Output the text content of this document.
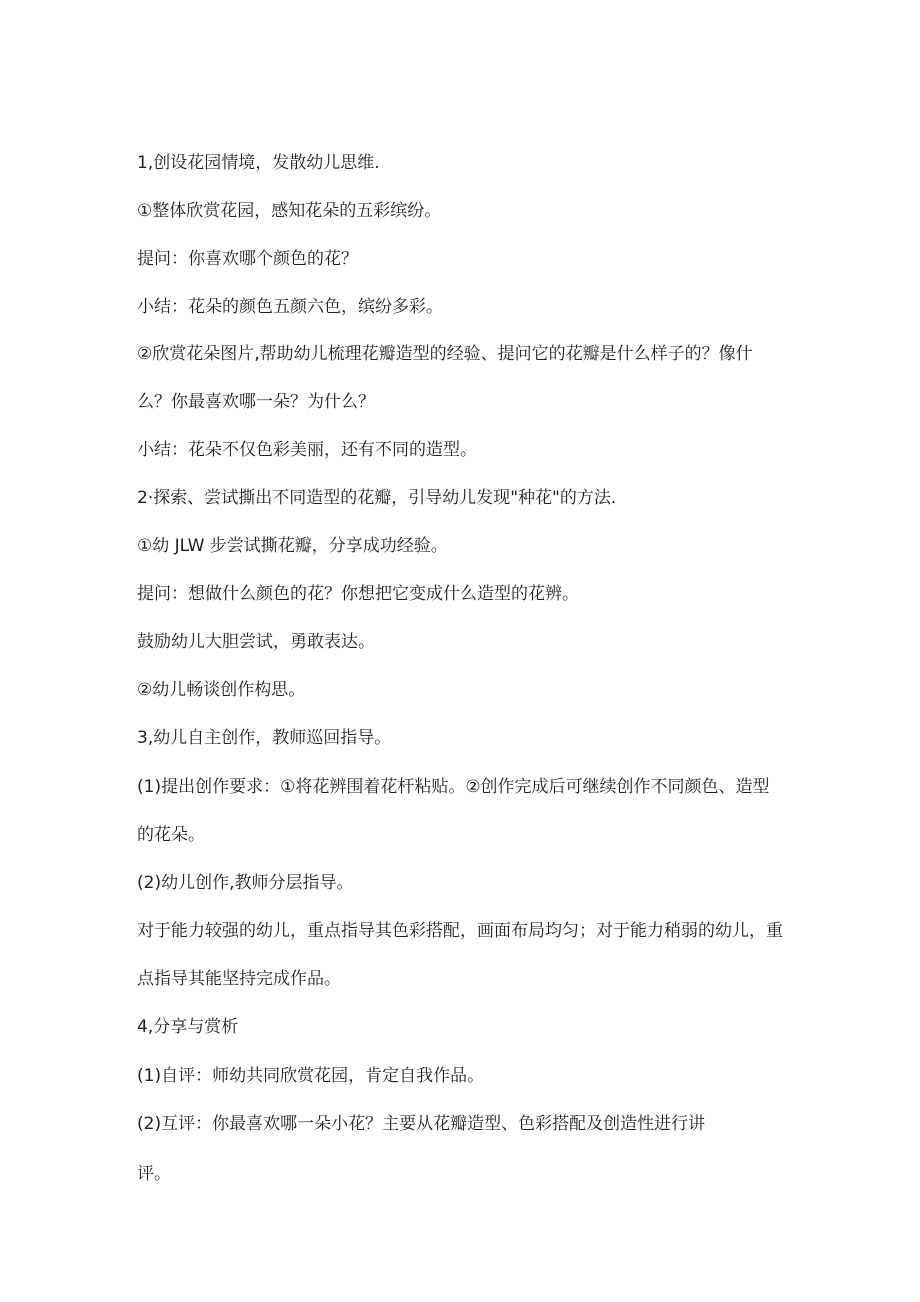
1,创设花园情境，发散幼儿思维.
①整体欣赏花园，感知花朵的五彩缤纷。
提问：你喜欢哪个颜色的花？
小结：花朵的颜色五颜六色，缤纷多彩。
②欣赏花朵图片,帮助幼儿梳理花瓣造型的经验、提问它的花瓣是什么样子的？像什
么？你最喜欢哪一朵？为什么？
小结：花朵不仅色彩美丽，还有不同的造型。
2·探索、尝试撕出不同造型的花瓣，引导幼儿发现"种花"的方法.
①幼 JLW 步尝试撕花瓣，分享成功经验。
提问：想做什么颜色的花？你想把它变成什么造型的花辨。
鼓励幼儿大胆尝试，勇敢表达。
②幼儿畅谈创作构思。
3,幼儿自主创作，教师巡回指导。
(1)提出创作要求：①将花辨围着花杆粘贴。②创作完成后可继续创作不同颜色、造型
的花朵。
(2)幼儿创作,教师分层指导。
对于能力较强的幼儿，重点指导其色彩搭配，画面布局均匀；对于能力稍弱的幼儿，重
点指导其能坚持完成作品。
4,分享与赏析
(1)自评：师幼共同欣赏花园，肯定自我作品。
(2)互评：你最喜欢哪一朵小花？主要从花瓣造型、色彩搭配及创造性进行讲
评。
